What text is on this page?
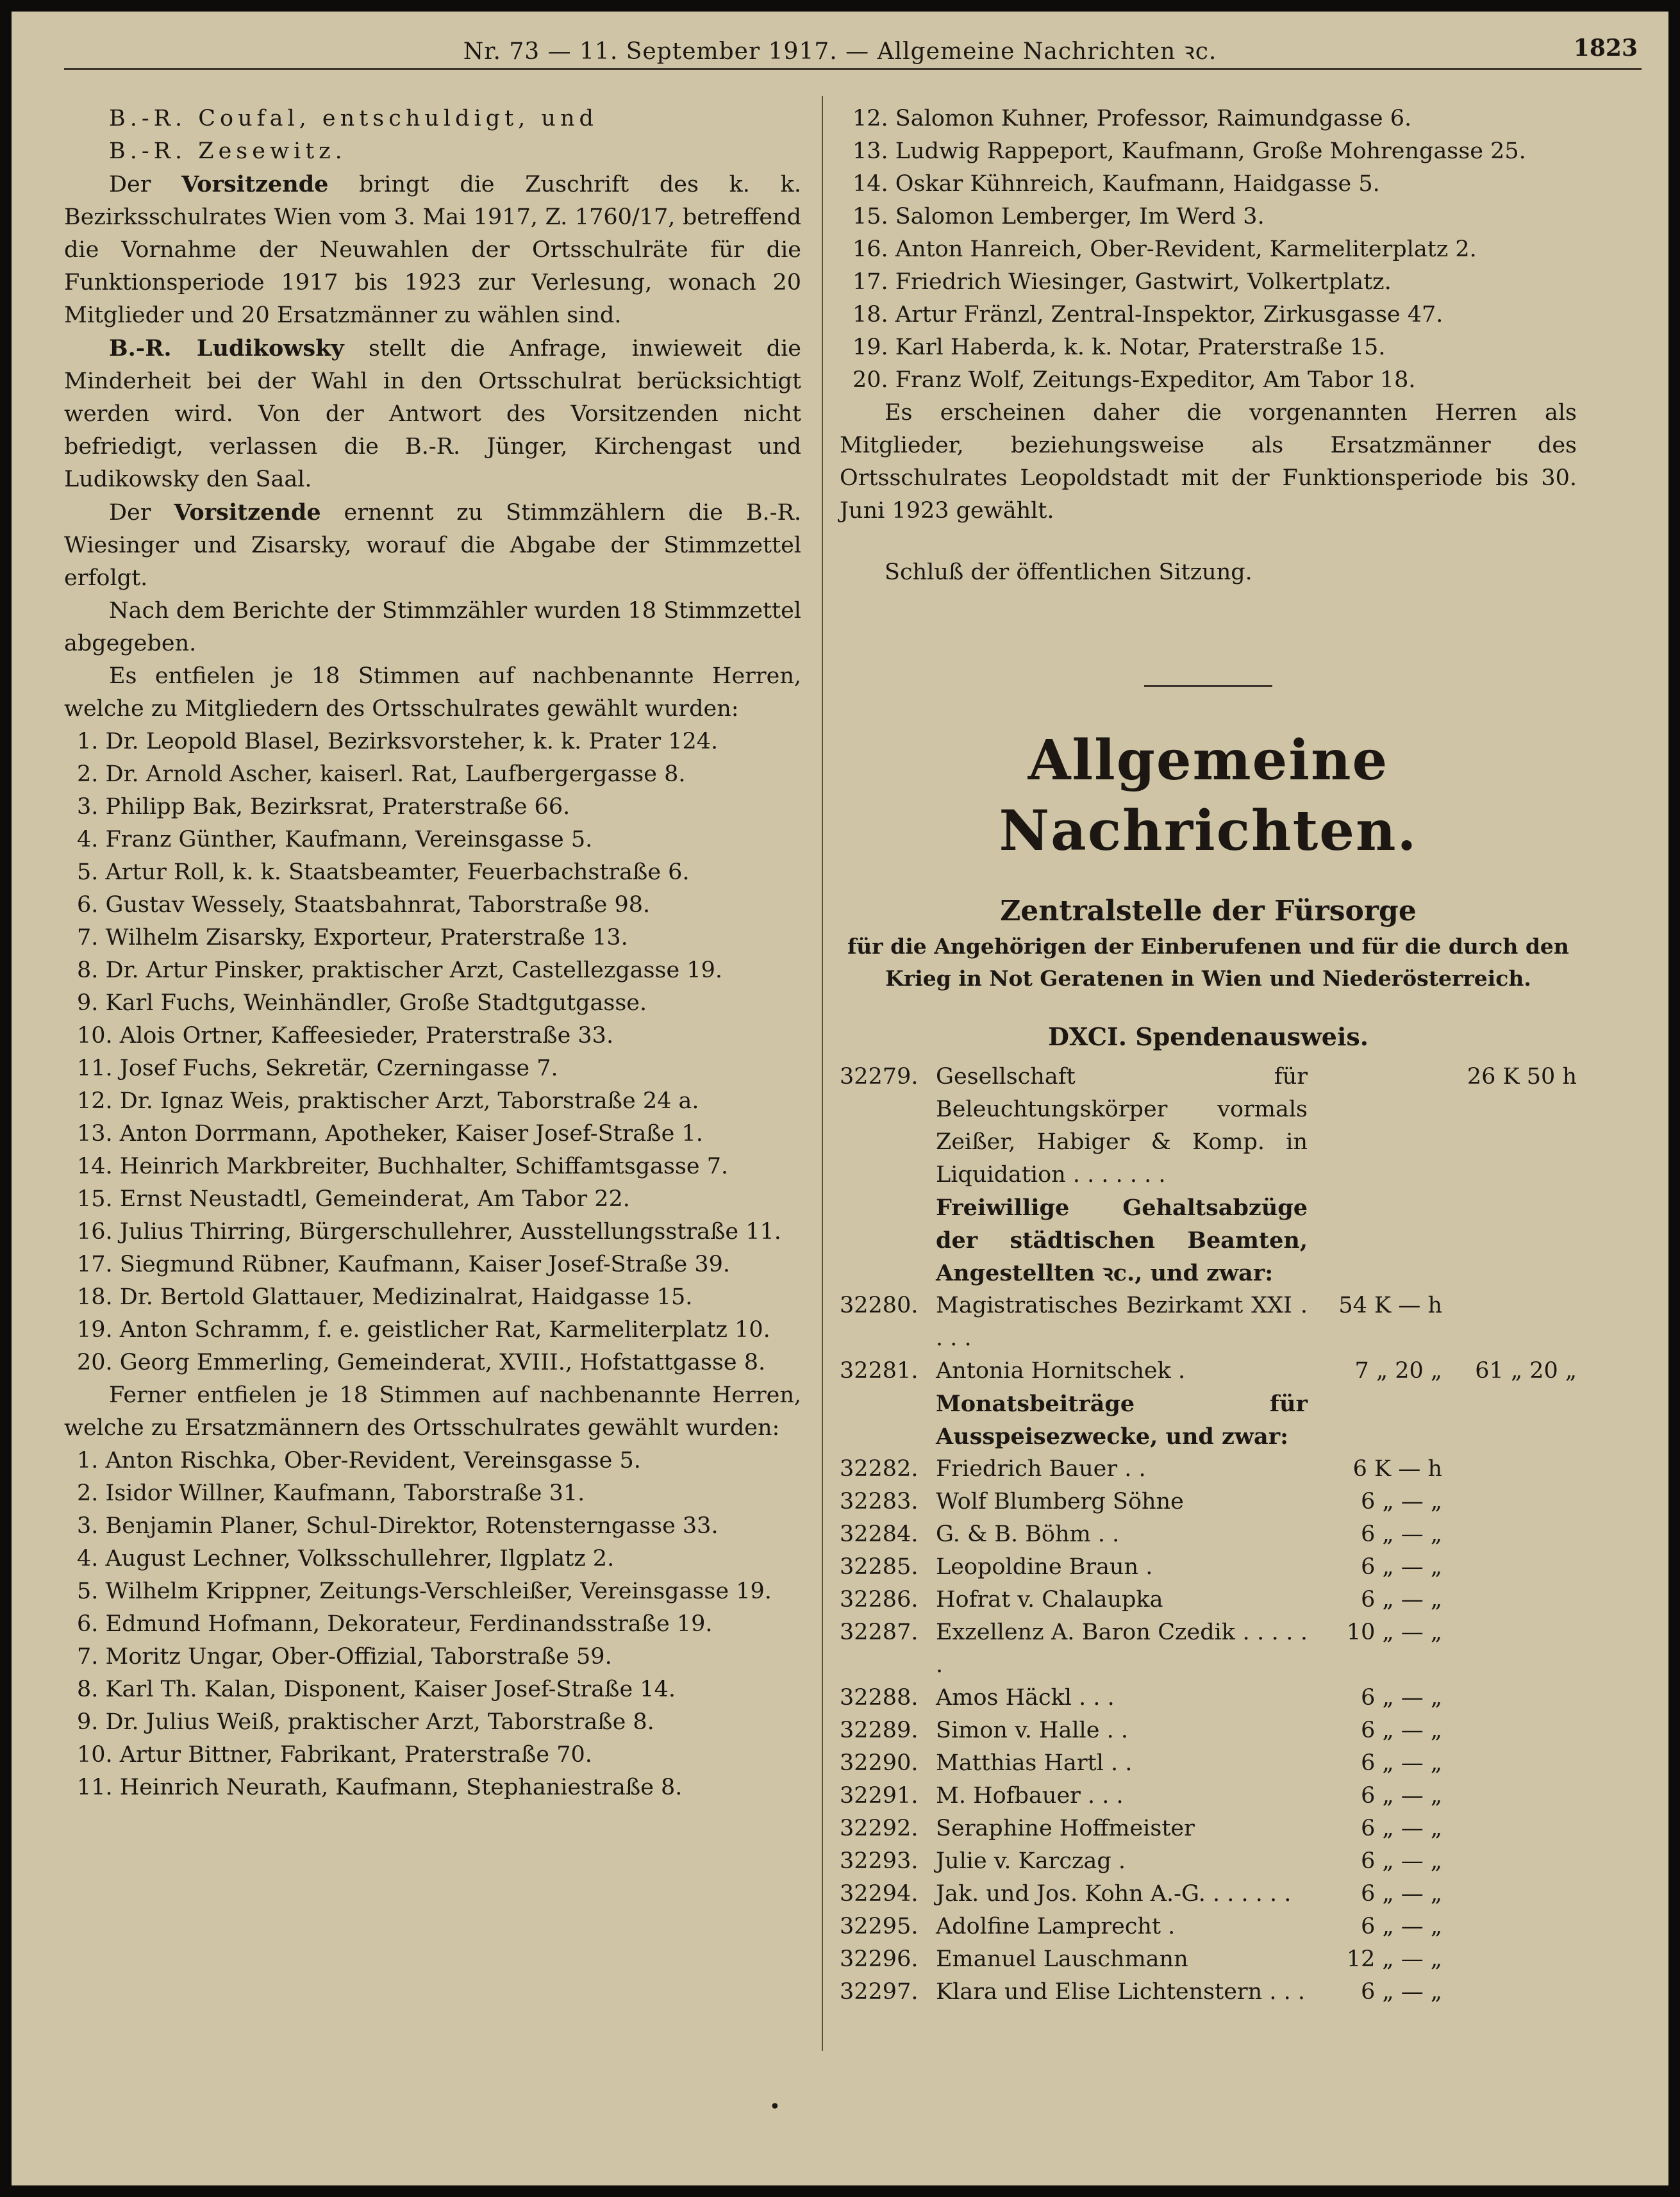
Nr. 73 — 11. September 1917. — Allgemeine Nachrichten ꝛc.	1823

B.-R. Coufal, entschuldigt, und

B.-R. Zesewitz.

Der Vorsitzende bringt die Zuschrift des k. k. Bezirksschulrates Wien vom 3. Mai 1917, Z. 1760/17, betreffend die Vornahme der Neuwahlen der Ortsschulräte für die Funktionsperiode 1917 bis 1923 zur Verlesung, wonach 20 Mitglieder und 20 Ersatzmänner zu wählen sind.

B.-R. Ludikowsky stellt die Anfrage, inwieweit die Minderheit bei der Wahl in den Ortsschulrat berücksichtigt werden wird. Von der Antwort des Vorsitzenden nicht befriedigt, verlassen die B.-R. Jünger, Kirchengast und Ludikowsky den Saal.

Der Vorsitzende ernennt zu Stimmzählern die B.-R. Wiesinger und Zisarsky, worauf die Abgabe der Stimmzettel erfolgt.

Nach dem Berichte der Stimmzähler wurden 18 Stimmzettel abgegeben.

Es entfielen je 18 Stimmen auf nachbenannte Herren, welche zu Mitgliedern des Ortsschulrates gewählt wurden:

1. Dr. Leopold Blasel, Bezirksvorsteher, k. k. Prater 124.

2. Dr. Arnold Ascher, kaiserl. Rat, Laufbergergasse 8.

3. Philipp Bak, Bezirksrat, Praterstraße 66.

4. Franz Günther, Kaufmann, Vereinsgasse 5.

5. Artur Roll, k. k. Staatsbeamter, Feuerbachstraße 6.

6. Gustav Wessely, Staatsbahnrat, Taborstraße 98.

7. Wilhelm Zisarsky, Exporteur, Praterstraße 13.

8. Dr. Artur Pinsker, praktischer Arzt, Castellezgasse 19.

9. Karl Fuchs, Weinhändler, Große Stadtgutgasse.

10. Alois Ortner, Kaffeesieder, Praterstraße 33.

11. Josef Fuchs, Sekretär, Czerningasse 7.

12. Dr. Ignaz Weis, praktischer Arzt, Taborstraße 24 a.

13. Anton Dorrmann, Apotheker, Kaiser Josef-Straße 1.

14. Heinrich Markbreiter, Buchhalter, Schiffamtsgasse 7.

15. Ernst Neustadtl, Gemeinderat, Am Tabor 22.

16. Julius Thirring, Bürgerschullehrer, Ausstellungsstraße 11.

17. Siegmund Rübner, Kaufmann, Kaiser Josef-Straße 39.

18. Dr. Bertold Glattauer, Medizinalrat, Haidgasse 15.

19. Anton Schramm, f. e. geistlicher Rat, Karmeliterplatz 10.

20. Georg Emmerling, Gemeinderat, XVIII., Hofstattgasse 8.

Ferner entfielen je 18 Stimmen auf nachbenannte Herren, welche zu Ersatzmännern des Ortsschulrates gewählt wurden:

1. Anton Rischka, Ober-Revident, Vereinsgasse 5.

2. Isidor Willner, Kaufmann, Taborstraße 31.

3. Benjamin Planer, Schul-Direktor, Rotensterngasse 33.

4. August Lechner, Volksschullehrer, Ilgplatz 2.

5. Wilhelm Krippner, Zeitungs-Verschleißer, Vereinsgasse 19.

6. Edmund Hofmann, Dekorateur, Ferdinandsstraße 19.

7. Moritz Ungar, Ober-Offizial, Taborstraße 59.

8. Karl Th. Kalan, Disponent, Kaiser Josef-Straße 14.

9. Dr. Julius Weiß, praktischer Arzt, Taborstraße 8.

10. Artur Bittner, Fabrikant, Praterstraße 70.

11. Heinrich Neurath, Kaufmann, Stephaniestraße 8.

12. Salomon Kuhner, Professor, Raimundgasse 6.

13. Ludwig Rappeport, Kaufmann, Große Mohrengasse 25.

14. Oskar Kühnreich, Kaufmann, Haidgasse 5.

15. Salomon Lemberger, Im Werd 3.

16. Anton Hanreich, Ober-Revident, Karmeliterplatz 2.

17. Friedrich Wiesinger, Gastwirt, Volkertplatz.

18. Artur Fränzl, Zentral-Inspektor, Zirkusgasse 47.

19. Karl Haberda, k. k. Notar, Praterstraße 15.

20. Franz Wolf, Zeitungs-Expeditor, Am Tabor 18.

Es erscheinen daher die vorgenannten Herren als Mitglieder, beziehungsweise als Ersatzmänner des Ortsschulrates Leopoldstadt mit der Funktionsperiode bis 30. Juni 1923 gewählt.

Schluß der öffentlichen Sitzung.

Allgemeine Nachrichten.
Zentralstelle der Fürsorge
für die Angehörigen der Einberufenen und für die durch den Krieg in Not Geratenen in Wien und Niederösterreich.
DXCI. Spendenausweis.
32279.	Gesellschaft für Beleuchtungskörper vormals Zeißer, Habiger & Komp. in Liquidation . . . . . . .		26 K 50 h
	Freiwillige Gehaltsabzüge der städtischen Beamten, Angestellten ꝛc., und zwar:		
32280.	Magistratisches Bezirkamt XXI . . . .	54 K — h	
32281.	Antonia Hornitschek .	7 „ 20 „	61 „ 20 „
	Monatsbeiträge für Ausspeisezwecke, und zwar:		
32282.	Friedrich Bauer . .	6 K — h	
32283.	Wolf Blumberg Söhne	6 „ — „	
32284.	G. & B. Böhm . .	6 „ — „	
32285.	Leopoldine Braun .	6 „ — „	
32286.	Hofrat v. Chalaupka	6 „ — „	
32287.	Exzellenz A. Baron Czedik . . . . . .	10 „ — „	
32288.	Amos Häckl . . .	6 „ — „	
32289.	Simon v. Halle . .	6 „ — „	
32290.	Matthias Hartl . .	6 „ — „	
32291.	M. Hofbauer . . .	6 „ — „	
32292.	Seraphine Hoffmeister	6 „ — „	
32293.	Julie v. Karczag .	6 „ — „	
32294.	Jak. und Jos. Kohn A.-G. . . . . . .	6 „ — „	
32295.	Adolfine Lamprecht .	6 „ — „	
32296.	Emanuel Lauschmann	12 „ — „	
32297.	Klara und Elise Lichtenstern . . .	6 „ — „	
•
